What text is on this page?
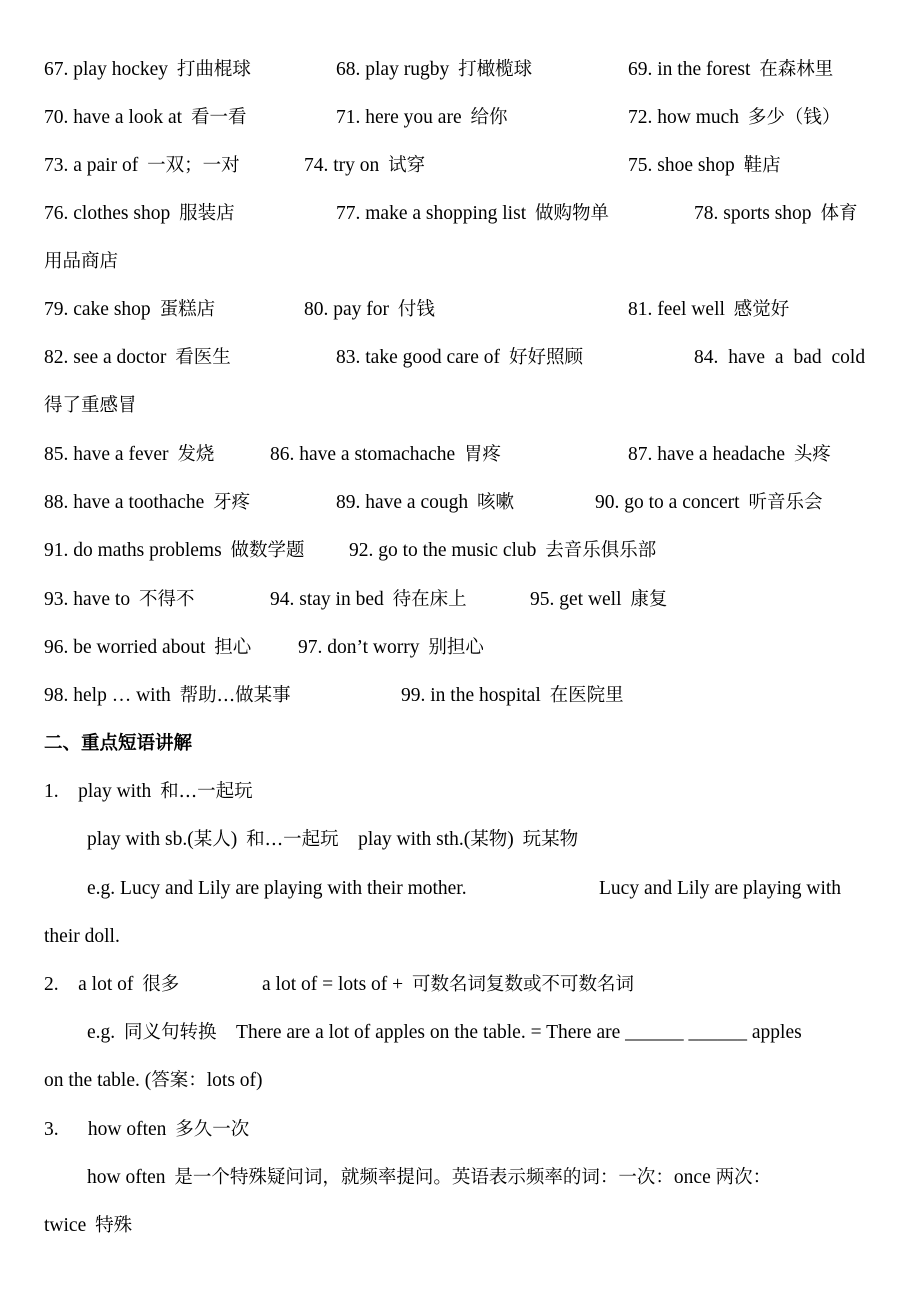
67. play hockey 打曲棍球	68. play rugby 打橄榄球	69. in the forest 在森林里
70. have a look at 看一看	71. here you are 给你	72. how much 多少（钱）
73. a pair of 一双；一对	74. try on 试穿	75. shoe shop 鞋店
76. clothes shop 服装店	77. make a shopping list 做购物单	78. sports shop 体育
用品商店
79. cake shop 蛋糕店	80. pay for 付钱	81. feel well 感觉好
82. see a doctor 看医生	83. take good care of 好好照顾	84. have a bad cold
得了重感冒
85. have a fever 发烧	86. have a stomachache 胃疼	87. have a headache 头疼
88. have a toothache 牙疼	89. have a cough 咳嗽	90. go to a concert 听音乐会
91. do maths problems 做数学题 92. go to the music club 去音乐俱乐部
93. have to 不得不	94. stay in bed 待在床上	95. get well 康复
96. be worried about 担心 97. don’t worry 别担心
98. help … with 帮助…做某事	99. in the hospital 在医院里
二、重点短语讲解
1. play with 和…一起玩
play with sb.(某人) 和…一起玩 play with sth.(某物) 玩某物
e.g. Lucy and Lily are playing with their mother.	Lucy and Lily are playing with
their doll.
2. a lot of 很多	a lot of = lots of + 可数名词复数或不可数名词
e.g. 同义句转换 There are a lot of apples on the table. = There are ______ ______ apples
on the table. (答案：lots of)
3. how often 多久一次
how often 是一个特殊疑问词，就频率提问。英语表示频率的词：一次：once 两次：
twice 特殊
